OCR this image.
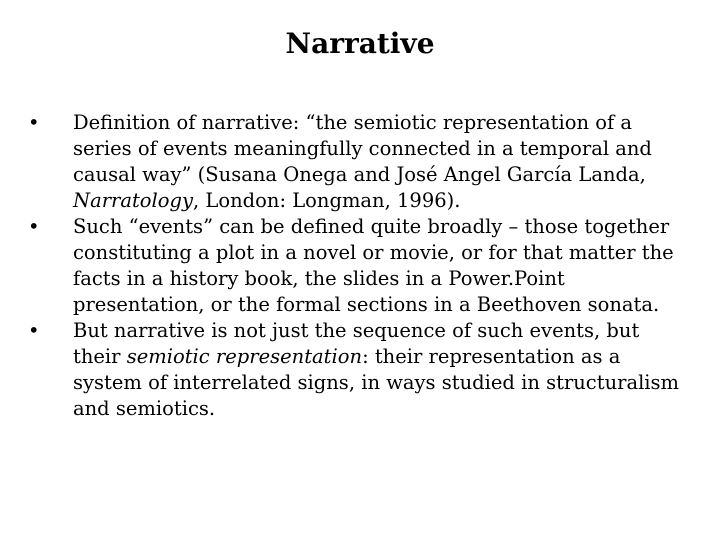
Narrative
•	Definition of narrative: “the semiotic representation of a series of events meaningfully connected in a temporal and causal way” (Susana Onega and José Angel García Landa, Narratology, London: Longman, 1996).
•	Such “events” can be defined quite broadly – those together constituting a plot in a novel or movie, or for that matter the facts in a history book, the slides in a Power.Point presentation, or the formal sections in a Beethoven sonata.
•	But narrative is not just the sequence of such events, but their semiotic representation: their representation as a system of interrelated signs, in ways studied in structuralism and semiotics.
